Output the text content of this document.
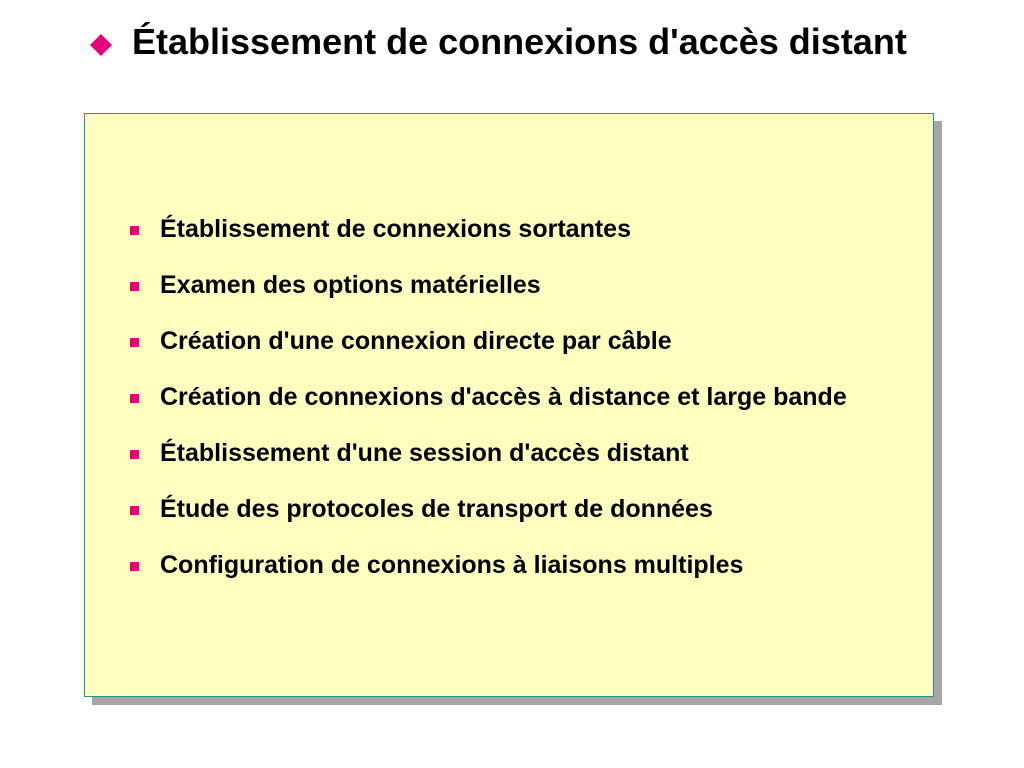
Établissement de connexions d'accès distant
Établissement de connexions sortantes
Examen des options matérielles
Création d'une connexion directe par câble
Création de connexions d'accès à distance et large bande
Établissement d'une session d'accès distant
Étude des protocoles de transport de données
Configuration de connexions à liaisons multiples
